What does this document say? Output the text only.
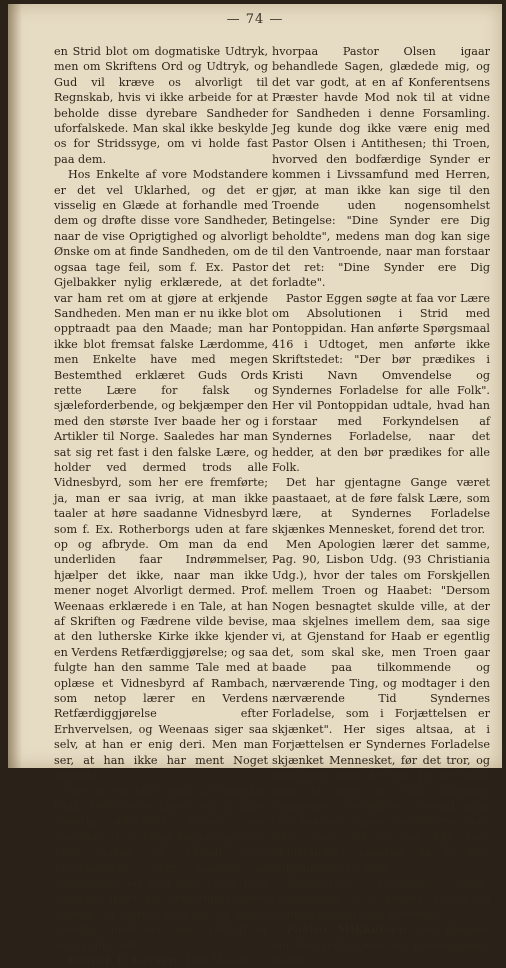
— 74 —

en Strid blot om dogmatiske Udtryk, men om Skriftens Ord og Udtryk, og Gud vil kræve os alvorligt til Regnskab, hvis vi ikke arbeide for at beholde disse dyrebare Sandheder uforfalskede. Man skal ikke beskylde os for Stridssyge, om vi holde fast paa dem.

Hos Enkelte af vore Modstandere er det vel Uklarhed, og det er visselig en Glæde at forhandle med dem og drøfte disse vore Sandheder, naar de vise Oprigtighed og alvorligt Ønske om at finde Sandheden, om de ogsaa tage feil, som f. Ex. Pastor Gjelbakker nylig erklærede, at det var ham ret om at gjøre at erkjende Sandheden. Men man er nu ikke blot opptraadt paa den Maade; man har ikke blot fremsat falske Lærdomme, men Enkelte have med megen Bestemthed erklæret Guds Ords rette Lære for falsk og sjæleforderbende, og bekjæmper den med den største Iver baade her og i Artikler til Norge. Saaledes har man sat sig ret fast i den falske Lære, og holder ved dermed trods alle Vidnesbyrd, som her ere fremførte; ja, man er saa ivrig, at man ikke taaler at høre saadanne Vidnesbyrd som f. Ex. Rotherborgs uden at fare op og afbryde. Om man da end underliden faar Indrømmelser, hjælper det ikke, naar man ikke mener noget Alvorligt dermed. Prof. Weenaas erklærede i en Tale, at han af Skriften og Fædrene vilde bevise, at den lutherske Kirke ikke kjender en Verdens Retfærdiggjørelse; og saa fulgte han den samme Tale med at oplæse et Vidnesbyrd af Rambach, som netop lærer en Verdens Retfærdiggjørelse efter Erhvervelsen, og Weenaas siger saa selv, at han er enig deri. Men man ser, at han ikke har ment Noget dermed.

Det er en stor Synd at modstaa Guds Ords rette Lære, og de have visselig allerførst Ansvar, som saaledes af al Magt bekjæmpe den. Men ogsaa de blandt vore Modstandere, som maatte se Sandheden, og som ikke vidne mod Saadant, gjøre sig delagtige i deres Ansvar og burde staa op og vidne alvorligt mod det, der tydeligt er mod Guds Ord.

Pastor T. Larsen. Den Maade,

hvorpaa Pastor Olsen igaar behandlede Sagen, glædede mig, og det var godt, at en af Konferentsens Præster havde Mod nok til at vidne for Sandheden i denne Forsamling. Jeg kunde dog ikke være enig med Pastor Olsen i Antithesen; thi Troen, hvorved den bodfærdige Synder er kommen i Livssamfund med Herren, gjør, at man ikke kan sige til den Troende uden nogensomhelst Betingelse: "Dine Synder ere Dig beholdte", medens man dog kan sige til den Vantroende, naar man forstaar det ret: "Dine Synder ere Dig forladte".

Pastor Eggen søgte at faa vor Lære om Absolutionen i Strid med Pontoppidan. Han anførte Spørgsmaal 416 i Udtoget, men anførte ikke Skriftstedet: "Der bør prædikes i Kristi Navn Omvendelse og Syndernes Forladelse for alle Folk". Her vil Pontoppidan udtale, hvad han forstaar med Forkyndelsen af Syndernes Forladelse, naar det hedder, at den bør prædikes for alle Folk.

Det har gjentagne Gange været paastaaet, at de føre falsk Lære, som lære, at Syndernes Forladelse skjænkes Mennesket, forend det tror.

Men Apologien lærer det samme, Pag. 90, Lisbon Udg. (93 Christiania Udg.), hvor der tales om Forskjellen mellem Troen og Haabet: "Dersom Nogen besnagtet skulde ville, at der maa skjelnes imellem dem, saa sige vi, at Gjenstand for Haab er egentlig det, som skal ske, men Troen gaar baade paa tilkommende og nærværende Ting, og modtager i den nærværende Tid Syndernes Forladelse, som i Forjættelsen er skjænket". Her siges altsaa, at i Forjættelsen er Syndernes Forladelse skjænket Mennesket, før det tror, og modtages, naar det tror. Er det falsk, naar vi sige, at Gud skjænker Syndernes Forladelse, forend man tror saa maa ogsaa Symbolerne lære falsk, men det vil vel ikke vore Modstandere paastaa, da de selv bekjende sig til dem.

Pastorerne Helland, Bjørn, Geelmuyden, C. P. Jensen, Reque og Lunde anmeldte sin Bortreise.

Pastor Mikkelsen. Det gjælder om den rette Lære om Forsoningens Betyd-
